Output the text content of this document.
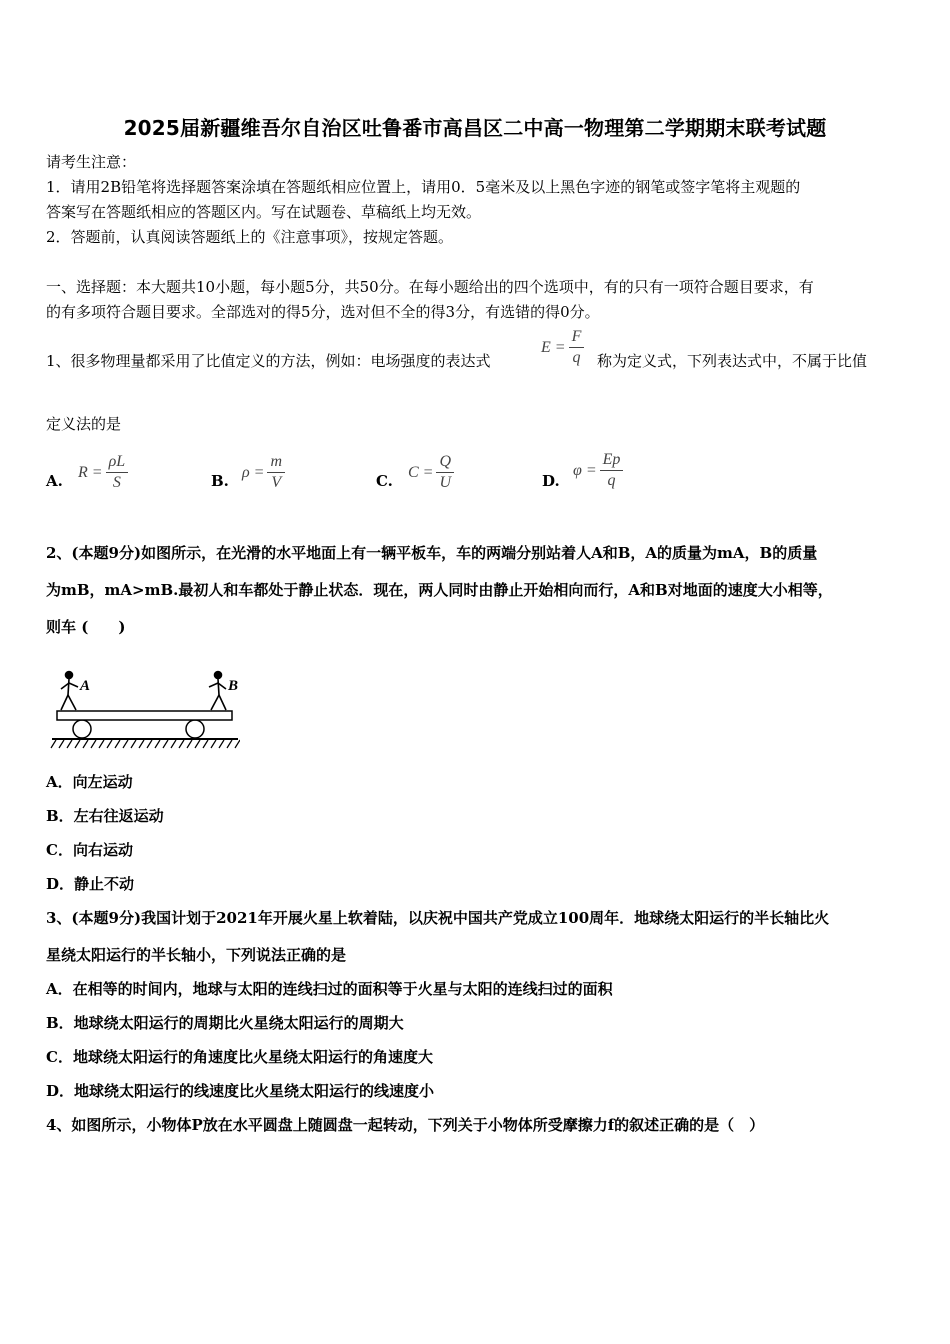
2025届新疆维吾尔自治区吐鲁番市高昌区二中高一物理第二学期期末联考试题
请考生注意：
1．请用2B铅笔将选择题答案涂填在答题纸相应位置上，请用0．5毫米及以上黑色字迹的钢笔或签字笔将主观题的
答案写在答题纸相应的答题区内。写在试题卷、草稿纸上均无效。
2．答题前，认真阅读答题纸上的《注意事项》，按规定答题。
一、选择题：本大题共10小题，每小题5分，共50分。在每小题给出的四个选项中，有的只有一项符合题目要求，有
的有多项符合题目要求。全部选对的得5分，选对但不全的得3分，有选错的得0分。
1、很多物理量都采用了比值定义的方法，例如：电场强度的表达式
$E = \frac{F}{q}$ 称为定义式，下列表达式中，不属于比值
定义法的是
A. $R = \frac{\rho L}{S}$	B. $\rho = \frac{m}{V}$	C. $C = \frac{Q}{U}$	D.
$\varphi = \frac{Ep}{q}$
2、(本题9分)如图所示，在光滑的水平地面上有一辆平板车，车的两端分别站着人A和B，A的质量为mA，B的质量
为mB，mA>mB.最初人和车都处于静止状态．现在，两人同时由静止开始相向而行，A和B对地面的速度大小相等，
则车 (　　)
A	B
A．向左运动
B．左右往返运动
C．向右运动
D．静止不动
3、(本题9分)我国计划于2021年开展火星上软着陆，以庆祝中国共产党成立100周年．地球绕太阳运行的半长轴比火
星绕太阳运行的半长轴小，下列说法正确的是
A．在相等的时间内，地球与太阳的连线扫过的面积等于火星与太阳的连线扫过的面积
B．地球绕太阳运行的周期比火星绕太阳运行的周期大
C．地球绕太阳运行的角速度比火星绕太阳运行的角速度大
D．地球绕太阳运行的线速度比火星绕太阳运行的线速度小
4、如图所示，小物体P放在水平圆盘上随圆盘一起转动，下列关于小物体所受摩擦力f的叙述正确的是（　）
